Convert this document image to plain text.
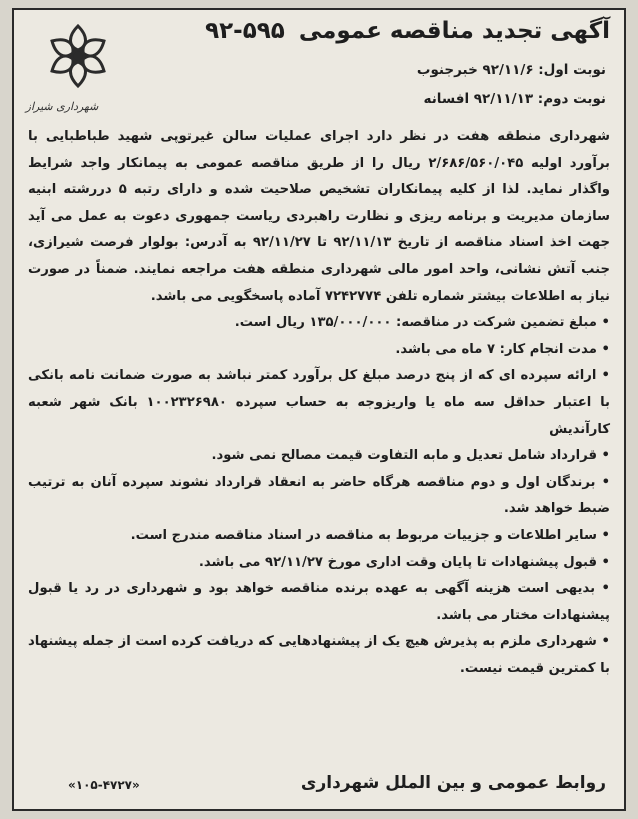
آگهی تجدید مناقصه عمومی۵۹۵-۹۲
نوبت اول: ۹۲/۱۱/۶ خبرجنوب
نوبت دوم: ۹۲/۱۱/۱۳ افسانه
شهرداری شیراز

شهرداری منطقه هفت در نظر دارد اجرای عملیات سالن غیرتوپی شهید طباطبایی با برآورد اولیه ۲/۶۸۶/۵۶۰/۰۴۵ ریال را از طریق مناقصه عمومی به پیمانکار واجد شرایط واگذار نماید. لذا از کلیه پیمانکاران تشخیص صلاحیت شده و دارای رتبه ۵ دررشته ابنیه سازمان مدیریت و برنامه ریزی و نظارت راهبردی ریاست جمهوری دعوت به عمل می آید جهت اخذ اسناد مناقصه از تاریخ ۹۲/۱۱/۱۳ تا ۹۲/۱۱/۲۷ به آدرس: بولوار فرصت شیرازی، جنب آتش نشانی، واحد امور مالی شهرداری منطقه هفت مراجعه نمایند. ضمناً در صورت نیاز به اطلاعات بیشتر شماره تلفن ۷۲۴۲۷۷۴ آماده پاسخگویی می باشد.

• مبلغ تضمین شرکت در مناقصه: ۱۳۵/۰۰۰/۰۰۰ ریال است.
• مدت انجام کار: ۷ ماه می باشد.
• ارائه سپرده ای که از پنج درصد مبلغ کل برآورد کمتر نباشد به صورت ضمانت نامه بانکی با اعتبار حداقل سه ماه یا واریزوجه به حساب سپرده ۱۰۰۲۳۲۶۹۸۰ بانک شهر شعبه کارآندیش
• قرارداد شامل تعدیل و مابه التفاوت قیمت مصالح نمی شود.
• برندگان اول و دوم مناقصه هرگاه حاضر به انعقاد قرارداد نشوند سپرده آنان به ترتیب ضبط خواهد شد.
• سایر اطلاعات و جزییات مربوط به مناقصه در اسناد مناقصه مندرج است.
• قبول پیشنهادات تا پایان وقت اداری مورخ ۹۲/۱۱/۲۷ می باشد.
• بدیهی است هزینه آگهی به عهده برنده مناقصه خواهد بود و شهرداری در رد یا قبول پیشنهادات مختار می باشد.
• شهرداری ملزم به پذیرش هیچ یک از پیشنهادهایی که دریافت کرده است از جمله پیشنهاد با کمترین قیمت نیست.
روابط عمومی و بین الملل شهرداری
«۱۰۵-۴۷۲۷»
